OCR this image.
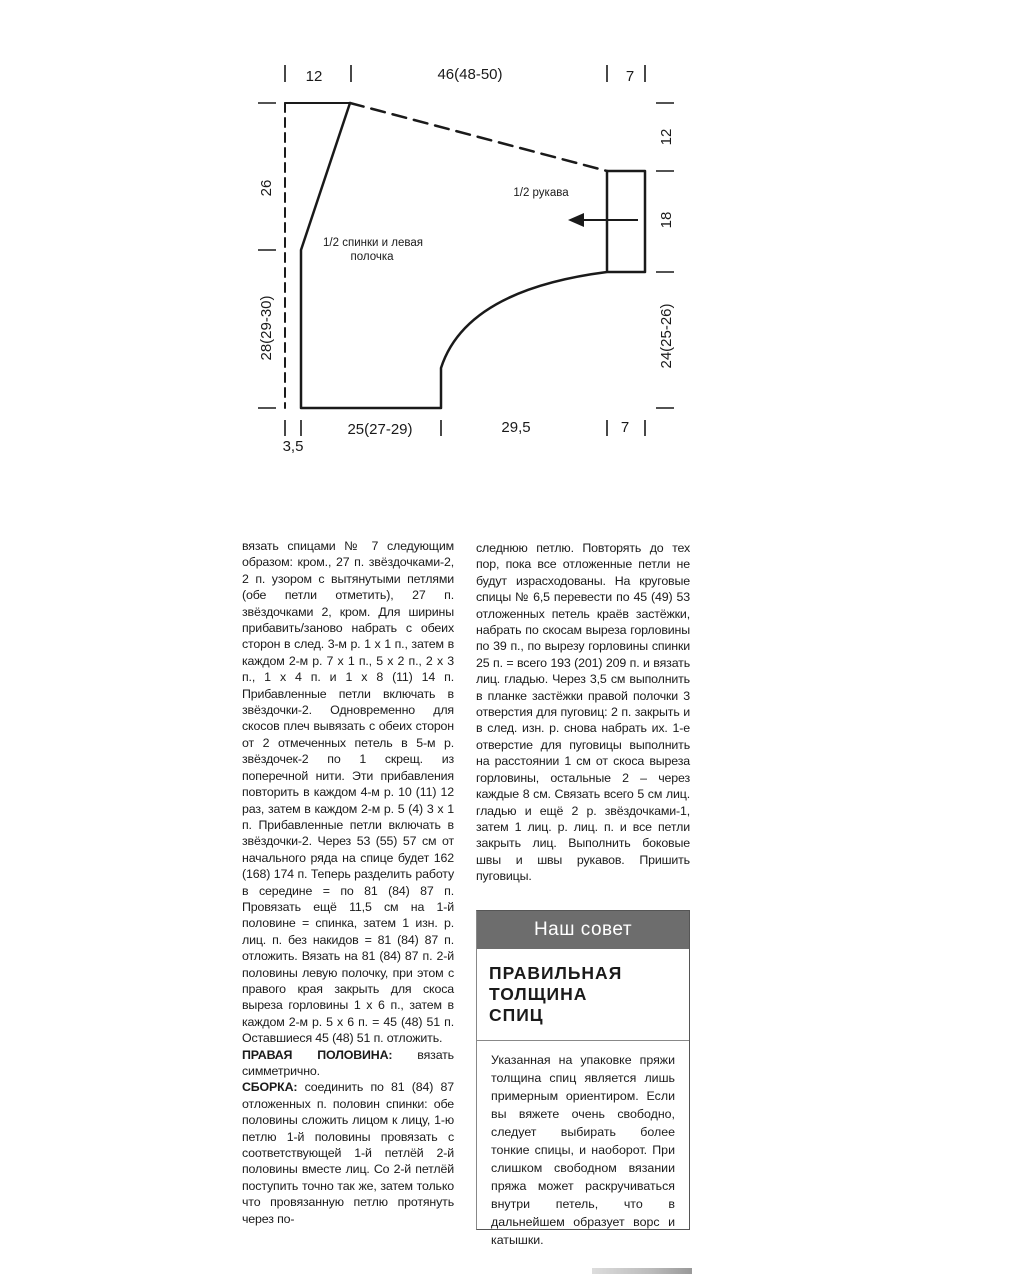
12	46(48-50)	7
26
28(29-30)
12
18
24(25-26)
3,5
25(27-29)	29,5	7
1/2 спинки и левая
полочка
1/2 рукава

вязать спицами № 7 следующим образом: кром., 27 п. звёздочками-2, 2 п. узором с вытянутыми петлями (обе петли отметить), 27 п. звёздочками 2, кром. Для ширины прибавить/заново набрать с обеих сторон в след. 3-м р. 1 х 1 п., затем в каждом 2-м р. 7 х 1 п., 5 х 2 п., 2 х 3 п., 1 х 4 п. и 1 х 8 (11) 14 п. Прибавленные петли включать в звёздочки-2. Одновременно для скосов плеч вывязать с обеих сторон от 2 отмеченных петель в 5-м р. звёздочек-2 по 1 скрещ. из поперечной нити. Эти прибавления повторить в каждом 4-м р. 10 (11) 12 раз, затем в каждом 2-м р. 5 (4) 3 х 1 п. Прибавленные петли включать в звёздочки-2. Через 53 (55) 57 см от начального ряда на спице будет 162 (168) 174 п. Теперь разделить работу в середине = по 81 (84) 87 п. Провязать ещё 11,5 см на 1-й половине = спинка, затем 1 изн. р. лиц. п. без накидов = 81 (84) 87 п. отложить. Вязать на 81 (84) 87 п. 2-й половины левую полочку, при этом с правого края закрыть для скоса выреза горловины 1 х 6 п., затем в каждом 2-м р. 5 х 6 п. = 45 (48) 51 п. Оставшиеся 45 (48) 51 п. отложить.

ПРАВАЯ ПОЛОВИНА: вязать симметрично.

СБОРКА: соединить по 81 (84) 87 отложенных п. половин спинки: обе половины сложить лицом к лицу, 1-ю петлю 1-й половины провязать с соответствующей 1-й петлёй 2-й половины вместе лиц. Со 2-й петлёй поступить точно так же, затем только что провязанную петлю протянуть через по-

следнюю петлю. Повторять до тех пор, пока все отложенные петли не будут израсходованы. На круговые спицы № 6,5 перевести по 45 (49) 53 отложенных петель краёв застёжки, набрать по скосам выреза горловины по 39 п., по вырезу горловины спинки 25 п. = всего 193 (201) 209 п. и вязать лиц. гладью. Через 3,5 см выполнить в планке застёжки правой полочки 3 отверстия для пуговиц: 2 п. закрыть и в след. изн. р. снова набрать их. 1-е отверстие для пуговицы выполнить на расстоянии 1 см от скоса выреза горловины, остальные 2 – через каждые 8 см. Связать всего 5 см лиц. гладью и ещё 2 р. звёздочками-1, затем 1 лиц. р. лиц. п. и все петли закрыть лиц. Выполнить боковые швы и швы рукавов. Пришить пуговицы.

Наш совет
ПРАВИЛЬНАЯ
ТОЛЩИНА
СПИЦ
Указанная на упаковке пряжи толщина спиц является лишь примерным ориентиром. Если вы вяжете очень свободно, следует выбирать более тонкие спицы, и наоборот. При слишком свободном вязании пряжа может раскручиваться внутри петель, что в дальнейшем образует ворс и катышки.
